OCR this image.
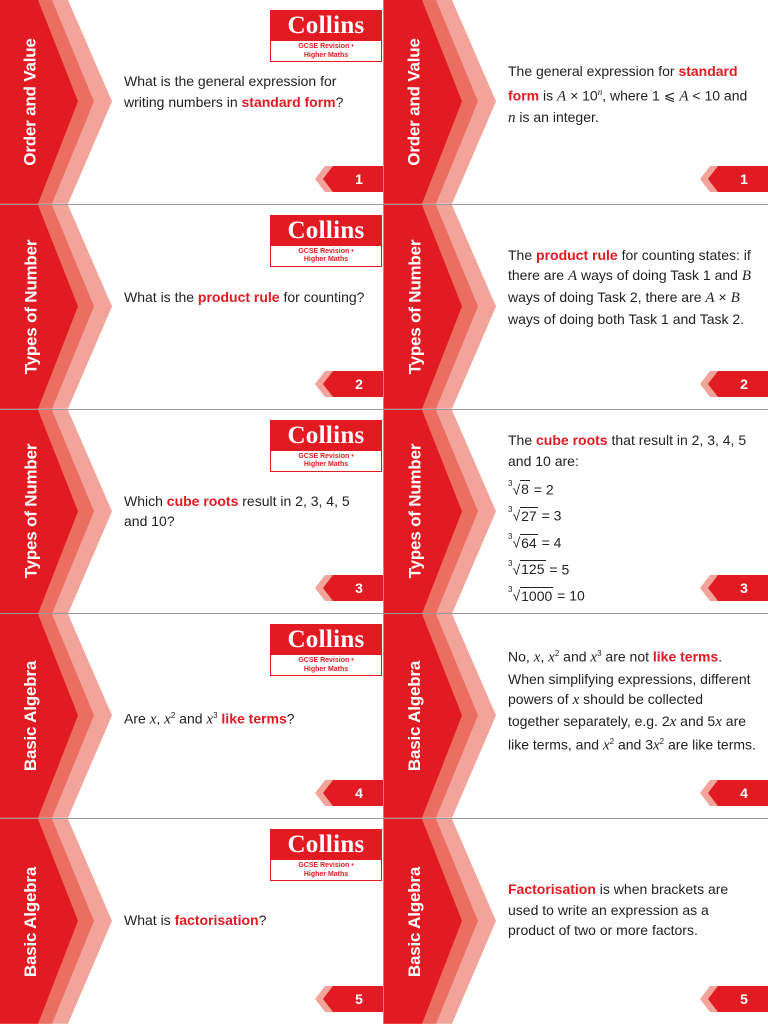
Order and Value
Collins
GCSE Revision •
Higher Maths
What is the general expression for writing numbers in standard form?
1
Order and Value	The general expression for standard form is $A \times 10^n$, where 1 ⩽ A < 10 and n is an integer.
1
Types of Number
Collins
GCSE Revision •
Higher Maths
What is the product rule for counting?
2
Types of Number	The product rule for counting states: if there are A ways of doing Task 1 and B ways of doing Task 2, there are A × B ways of doing both Task 1 and Task 2.
2
Types of Number
Collins
GCSE Revision •
Higher Maths
Which cube roots result in 2, 3, 4, 5 and 10?
3
Types of Number
The cube roots that result in 2, 3, 4, 5 and 10 are:
$^3$√8 = 2
$^3$√27 = 3
$^3$√64 = 4
$^3$√125 = 5
$^3$√1000 = 10	3
Basic Algebra
Collins
GCSE Revision •
Higher Maths
Are x, $x^2$ and $x^3$ like terms?
4
Basic Algebra
No, x, $x^2$ and $x^3$ are not like terms. When simplifying expressions, different powers of x should be collected together separately, e.g. 2x and 5x are like terms, and $x^2$ and $3x^2$ are like terms.
4
Basic Algebra
Collins
GCSE Revision •
Higher Maths
What is factorisation?
5
Basic Algebra	Factorisation is when brackets are used to write an expression as a product of two or more factors.
5
